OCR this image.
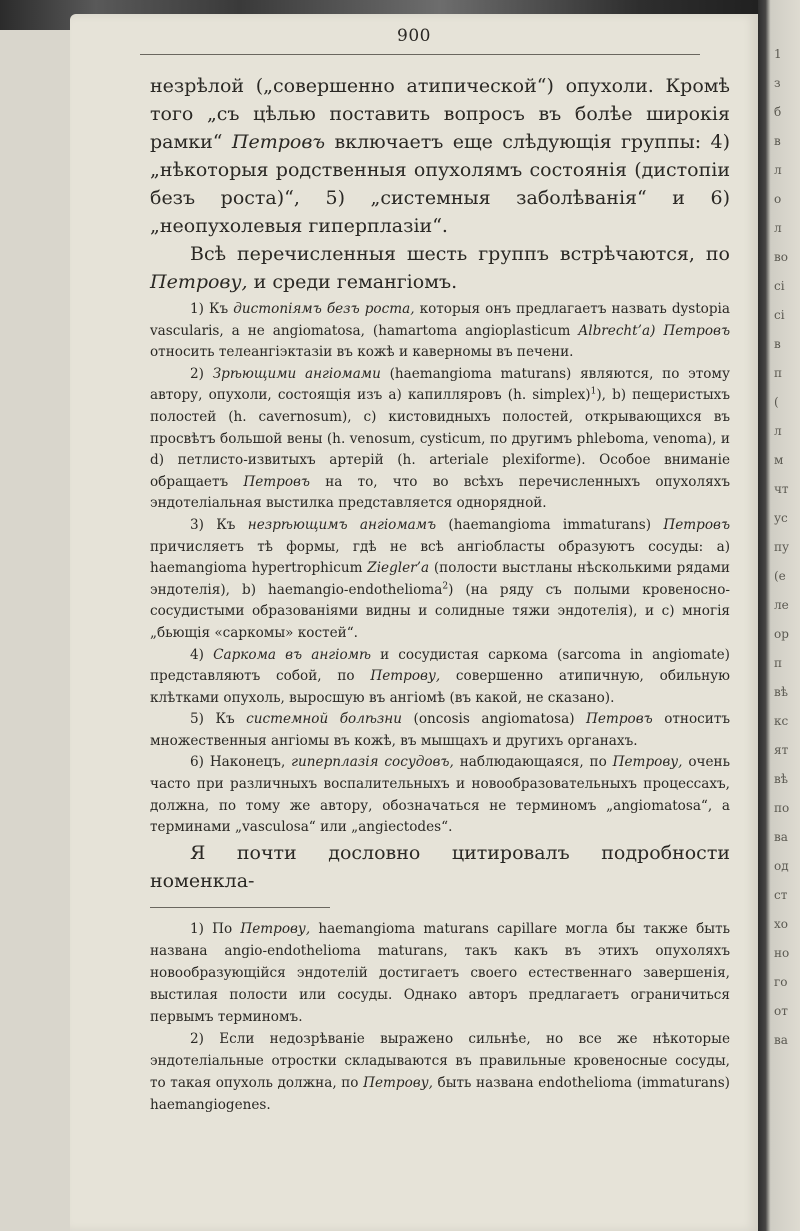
900

незрѣлой („совершенно атипической“) опухоли. Кромѣ того „съ цѣлью поставить вопросъ въ болѣе широкія рамки“ Петровъ включаетъ еще слѣдующія группы: 4) „нѣкоторыя родственныя опухолямъ состоянія (дистопіи безъ роста)“, 5) „системныя заболѣванія“ и 6) „неопухолевыя гиперплазіи“.

Всѣ перечисленныя шесть группъ встрѣчаются, по Петрову, и среди гемангіомъ.

1) Къ дистопіямъ безъ роста, которыя онъ предлагаетъ назвать dystopia vascularis, а не angiomatosa, (hamartoma angioplasticum Albrecht’а) Петровъ относить телеангіэктазіи въ кожѣ и каверномы въ печени.

2) Зрѣющими ангіомами (haemangioma maturans) являются, по этому автору, опухоли, состоящія изъ a) капилляровъ (h. simplex)$^1$), b) пещеристыхъ полостей (h. cavernosum), c) кистовидныхъ полостей, открывающихся въ просвѣтъ большой вены (h. venosum, cysticum, по другимъ phleboma, venoma), и d) петлисто-извитыхъ артерій (h. arteriale plexiforme). Особое вниманіе обращаетъ Петровъ на то, что во всѣхъ перечисленныхъ опухоляхъ эндотеліальная выстилка представляется однорядной.

3) Къ незрѣющимъ ангіомамъ (haemangioma immaturans) Петровъ причисляетъ тѣ формы, гдѣ не всѣ ангіобласты образуютъ сосуды: a) haemangioma hypertrophicum Ziegler’а (полости выстланы нѣсколькими рядами эндотелія), b) haemangio-endothelioma$^2$) (на ряду съ полыми кровеносно-сосудистыми образованіями видны и солидные тяжи эндотелія), и c) многія „бьющія «саркомы» костей“.

4) Саркома въ ангіомѣ и сосудистая саркома (sarcoma in angiomate) представляютъ собой, по Петрову, совершенно атипичную, обильную клѣтками опухоль, выросшую въ ангіомѣ (въ какой, не сказано).

5) Къ системной болѣзни (oncosis angiomatosa) Петровъ относитъ множественныя ангіомы въ кожѣ, въ мышцахъ и другихъ органахъ.

6) Наконецъ, гиперплазія сосудовъ, наблюдающаяся, по Петрову, очень часто при различныхъ воспалительныхъ и новообразовательныхъ процессахъ, должна, по тому же автору, обозначаться не терминомъ „angiomatosa“, а терминами „vasculosa“ или „angiectodes“.

Я почти дословно цитировалъ подробности номенкла-

1) По Петрову, haemangioma maturans capillare могла бы также быть названа angio-endothelioma maturans, такъ какъ въ этихъ опухоляхъ новообразующійся эндотелій достигаетъ своего естественнаго завершенія, выстилая полости или сосуды. Однако авторъ предлагаетъ ограничиться первымъ терминомъ.

2) Если недозрѣваніе выражено сильнѣе, но все же нѣкоторые эндотеліальные отростки складываются въ правильные кровеносные сосуды, то такая опухоль должна, по Петрову, быть названа endothelioma (immaturans) haemangiogenes.

1
з
б
в
л
о
л
во
сі
сі
в
п
(
л
м
чт
ус
пу
(е
ле
ор
п
вѣ
кс
ят
вѣ
по
ва
од
ст
хо
но
го
от
ва
